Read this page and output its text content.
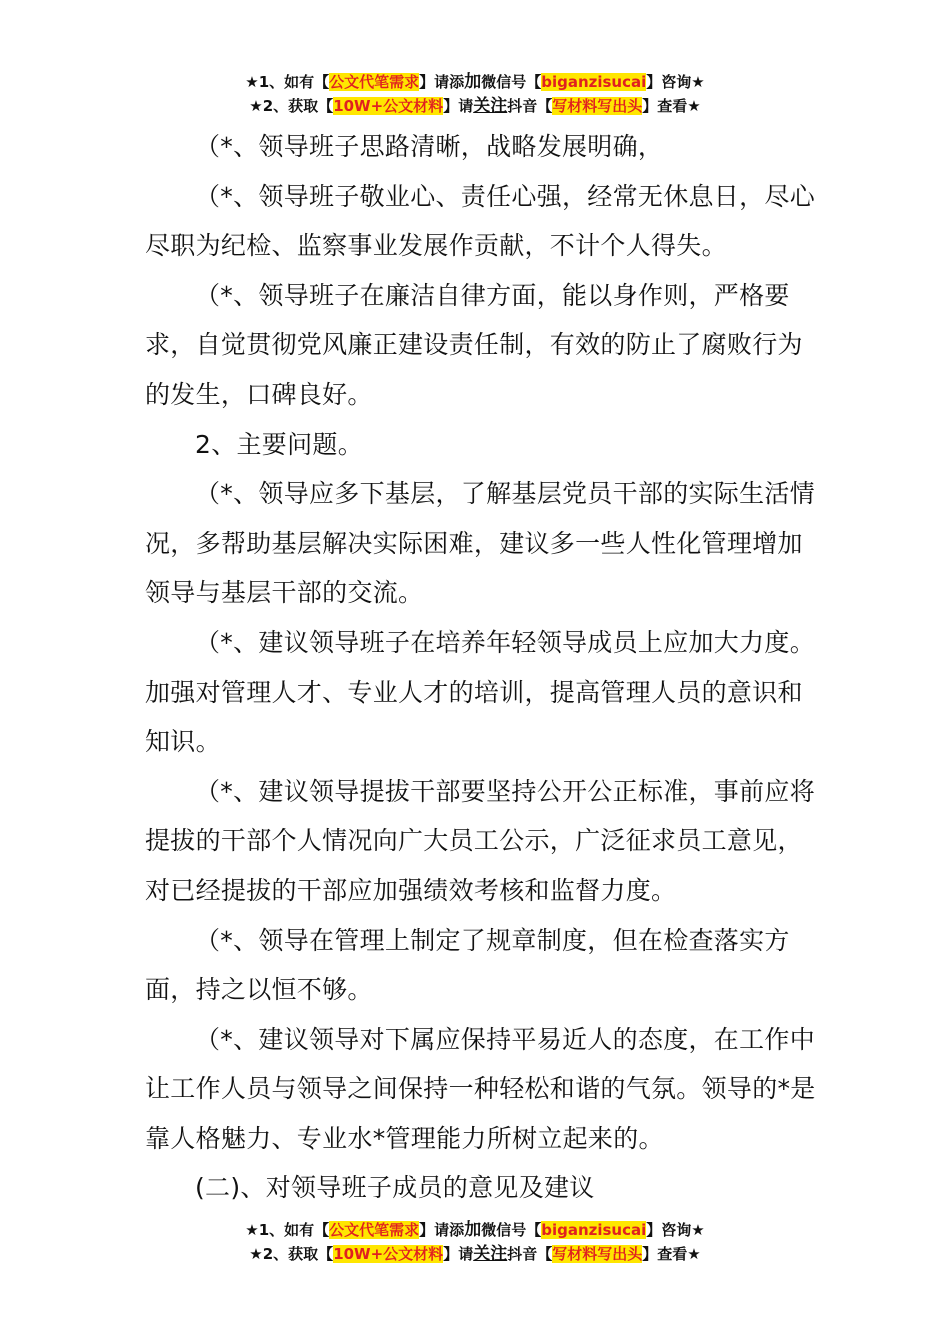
★1、如有【公文代笔需求】请添加微信号【biganzisucai】咨询★
★2、获取【10W+公文材料】请关注抖音【写材料写出头】查看★

（*、领导班子思路清晰，战略发展明确，

（*、领导班子敬业心、责任心强，经常无休息日，尽心尽职为纪检、监察事业发展作贡献，不计个人得失。

（*、领导班子在廉洁自律方面，能以身作则，严格要求，自觉贯彻党风廉正建设责任制，有效的防止了腐败行为的发生，口碑良好。

2、主要问题。

（*、领导应多下基层，了解基层党员干部的实际生活情况，多帮助基层解决实际困难，建议多一些人性化管理增加领导与基层干部的交流。

（*、建议领导班子在培养年轻领导成员上应加大力度。加强对管理人才、专业人才的培训，提高管理人员的意识和知识。

（*、建议领导提拔干部要坚持公开公正标准，事前应将提拔的干部个人情况向广大员工公示，广泛征求员工意见，对已经提拔的干部应加强绩效考核和监督力度。

（*、领导在管理上制定了规章制度，但在检查落实方面，持之以恒不够。

（*、建议领导对下属应保持平易近人的态度，在工作中让工作人员与领导之间保持一种轻松和谐的气氛。领导的*是靠人格魅力、专业水*管理能力所树立起来的。

(二)、对领导班子成员的意见及建议

★1、如有【公文代笔需求】请添加微信号【biganzisucai】咨询★
★2、获取【10W+公文材料】请关注抖音【写材料写出头】查看★
